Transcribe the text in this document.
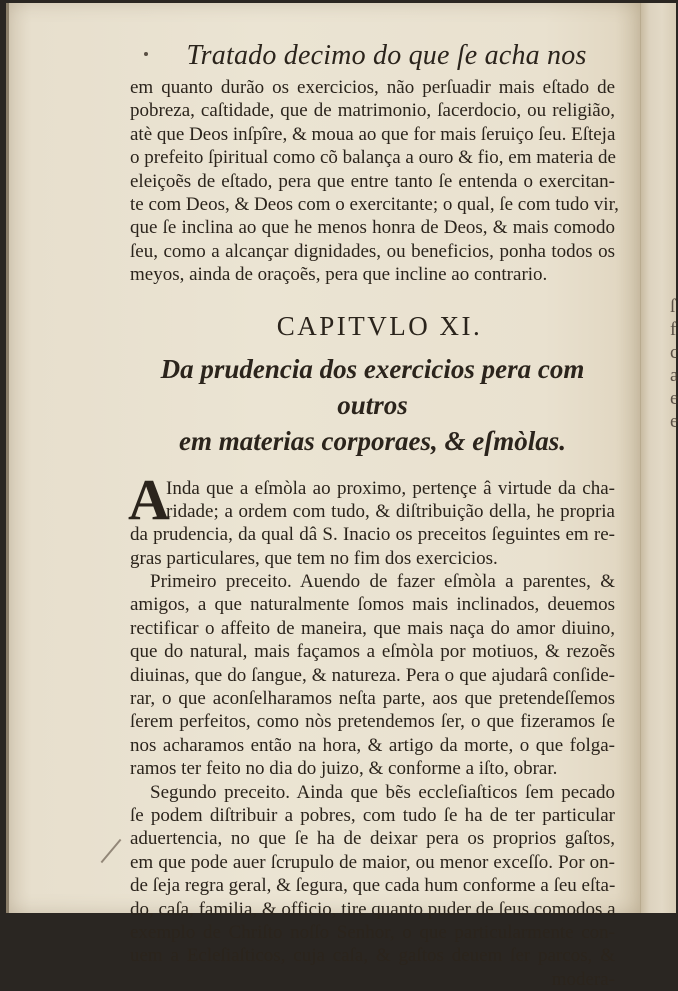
ſ
f
c
a
e
e
Tratado decimo do que ſe acha nos
em quanto durão os exercicios, não perſuadir mais eſtado de
pobreza, caſtidade, que de matrimonio, ſacerdocio, ou religião,
atè que Deos inſpîre, & moua ao que for mais ſeruiço ſeu. Eſteja
o prefeito ſpiritual como cõ balança a ouro & fio, em materia de
eleiçoẽs de eſtado, pera que entre tanto ſe entenda o exercitan-
te com Deos, & Deos com o exercitante; o qual, ſe com tudo vir,
que ſe inclina ao que he menos honra de Deos, & mais comodo
ſeu, como a alcançar dignidades, ou beneficios, ponha todos os
meyos, ainda de oraçoẽs, pera que incline ao contrario.
CAPITVLO XI.
Da prudencia dos exercicios pera com outros
em materias corporaes, & eſmòlas.
A
Inda que a eſmòla ao proximo, pertençe â virtude da cha-
ridade; a ordem com tudo, & diſtribuição della, he propria
da prudencia, da qual dâ S. Inacio os preceitos ſeguintes em re-
gras particulares, que tem no fim dos exercicios.
Primeiro preceito. Auendo de fazer eſmòla a parentes, &
amigos, a que naturalmente ſomos mais inclinados, deuemos
rectificar o affeito de maneira, que mais naça do amor diuino,
que do natural, mais façamos a eſmòla por motiuos, & rezoẽs
diuinas, que do ſangue, & natureza. Pera o que ajudarâ conſide-
rar, o que aconſelharamos neſta parte, aos que pretendeſſemos
ſerem perfeitos, como nòs pretendemos ſer, o que fizeramos ſe
nos acharamos então na hora, & artigo da morte, o que folga-
ramos ter feito no dia do juizo, & conforme a iſto, obrar.
Segundo preceito. Ainda que bẽs eccleſiaſticos ſem pecado
ſe podem diſtribuir a pobres, com tudo ſe ha de ter particular
aduertencia, no que ſe ha de deixar pera os proprios gaſtos,
em que pode auer ſcrupulo de maior, ou menor exceſſo. Por on-
de ſeja regra geral, & ſegura, que cada hum conforme a ſeu eſta-
do, caſa, familia, & officio, tire quanto puder de ſeus comodos a
exemplo de Chriſto noſſo Senhor, o que particularmente con-
uem a Ecleſiaſticos, cuja caſa, & gaſtos deuem ſer parcos, &
modera-
